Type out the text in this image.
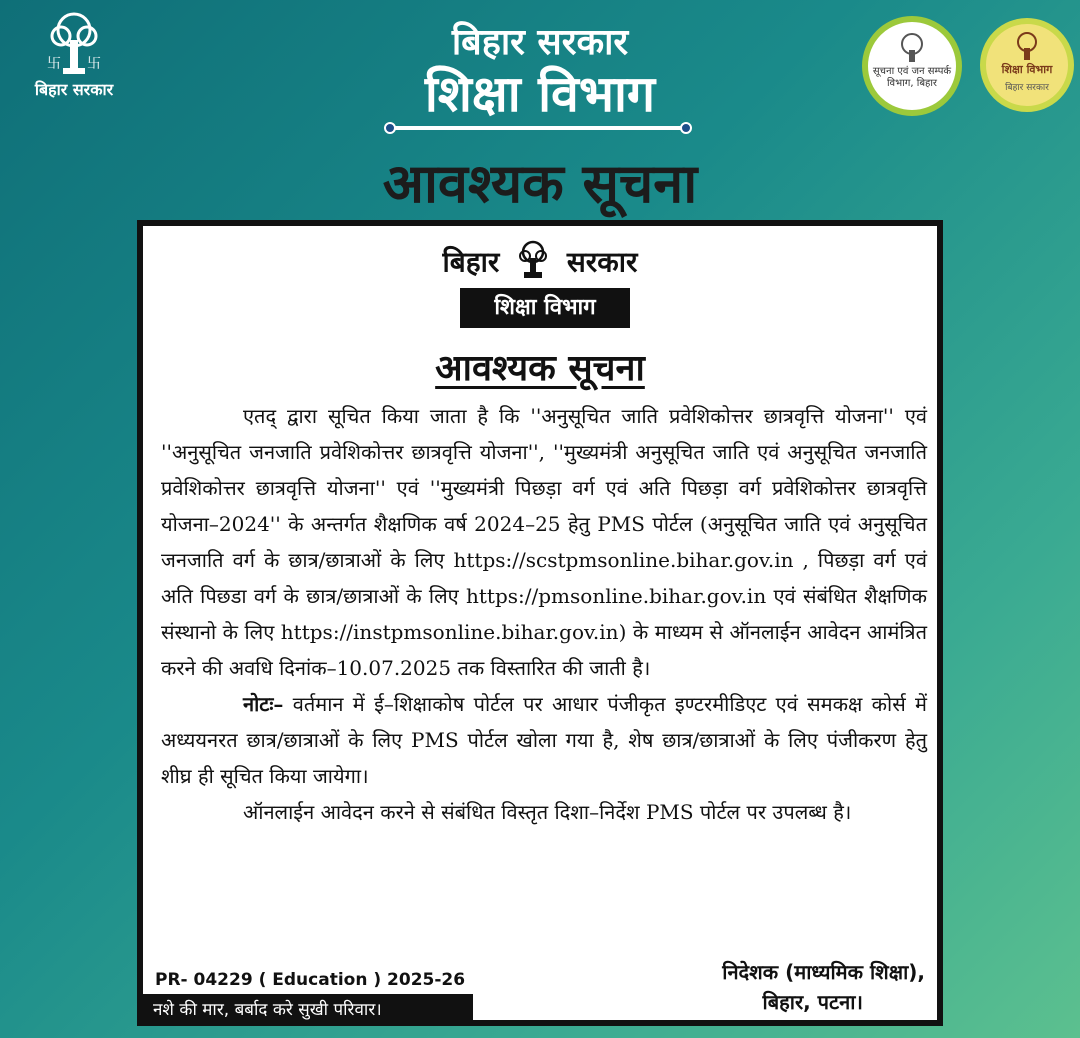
卐 卐
बिहार सरकार
बिहार सरकार
शिक्षा विभाग
आवश्यक सूचना
सूचना एवं जन सम्पर्क विभाग, बिहार
शिक्षा विभाग
बिहार सरकार
बिहार सरकार
शिक्षा विभाग
आवश्यक सूचना

एतद् द्वारा सूचित किया जाता है कि ''अनुसूचित जाति प्रवेशिकोत्तर छात्रवृत्ति योजना'' एवं ''अनुसूचित जनजाति प्रवेशिकोत्तर छात्रवृत्ति योजना'', ''मुख्यमंत्री अनुसूचित जाति एवं अनुसूचित जनजाति प्रवेशिकोत्तर छात्रवृत्ति योजना'' एवं ''मुख्यमंत्री पिछड़ा वर्ग एवं अति पिछड़ा वर्ग प्रवेशिकोत्तर छात्रवृत्ति योजना–2024'' के अन्तर्गत शैक्षणिक वर्ष 2024–25 हेतु PMS पोर्टल (अनुसूचित जाति एवं अनुसूचित जनजाति वर्ग के छात्र/छात्राओं के लिए https://scstpmsonline.bihar.gov.in , पिछड़ा वर्ग एवं अति पिछडा वर्ग के छात्र/छात्राओं के लिए https://pmsonline.bihar.gov.in एवं संबंधित शैक्षणिक संस्थानो के लिए https://instpmsonline.bihar.gov.in) के माध्यम से ऑनलाईन आवेदन आमंत्रित करने की अवधि दिनांक–10.07.2025 तक विस्तारित की जाती है।

नोटः– वर्तमान में ई–शिक्षाकोष पोर्टल पर आधार पंजीकृत इण्टरमीडिएट एवं समकक्ष कोर्स में अध्ययनरत छात्र/छात्राओं के लिए PMS पोर्टल खोला गया है, शेष छात्र/छात्राओं के लिए पंजीकरण हेतु शीघ्र ही सूचित किया जायेगा।

ऑनलाईन आवेदन करने से संबंधित विस्तृत दिशा–निर्देश PMS पोर्टल पर उपलब्ध है।

PR- 04229 ( Education ) 2025-26
नशे की मार, बर्बाद करे सुखी परिवार।
निदेशक (माध्यमिक शिक्षा),
बिहार, पटना।
